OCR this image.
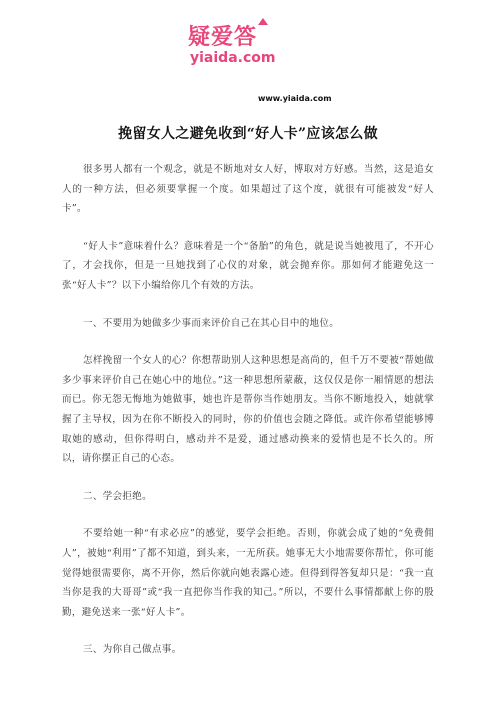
疑爱答
yiaida.com
www.yiaida.com
挽留女人之避免收到“好人卡”应该怎么做

很多男人都有一个观念，就是不断地对女人好，博取对方好感。当然，这是追女人的一种方法，但必须要掌握一个度。如果超过了这个度，就很有可能被发“好人卡”。

“好人卡”意味着什么？意味着是一个“备胎”的角色，就是说当她被甩了，不开心了，才会找你，但是一旦她找到了心仪的对象，就会抛弃你。那如何才能避免这一张“好人卡”？以下小编给你几个有效的方法。

一、不要用为她做多少事而来评价自己在其心目中的地位。

怎样挽留一个女人的心？你想帮助别人这种思想是高尚的，但千万不要被“帮她做多少事来评价自己在她心中的地位。”这一种思想所蒙蔽，这仅仅是你一厢情愿的想法而已。你无怨无悔地为她做事，她也许是帮你当作她朋友。当你不断地投入，她就掌握了主导权，因为在你不断投入的同时，你的价值也会随之降低。或许你希望能够博取她的感动，但你得明白，感动并不是爱，通过感动换来的爱情也是不长久的。所以，请你摆正自己的心态。

二、学会拒绝。

不要给她一种“有求必应”的感觉，要学会拒绝。否则，你就会成了她的“免费佣人”，被她“利用”了都不知道，到头来，一无所获。她事无大小地需要你帮忙，你可能觉得她很需要你，离不开你，然后你就向她表露心迹。但得到得答复却只是：“我一直当你是我的大哥哥”或“我一直把你当作我的知己。”所以，不要什么事情都献上你的殷勤，避免送来一张“好人卡”。

三、为你自己做点事。
